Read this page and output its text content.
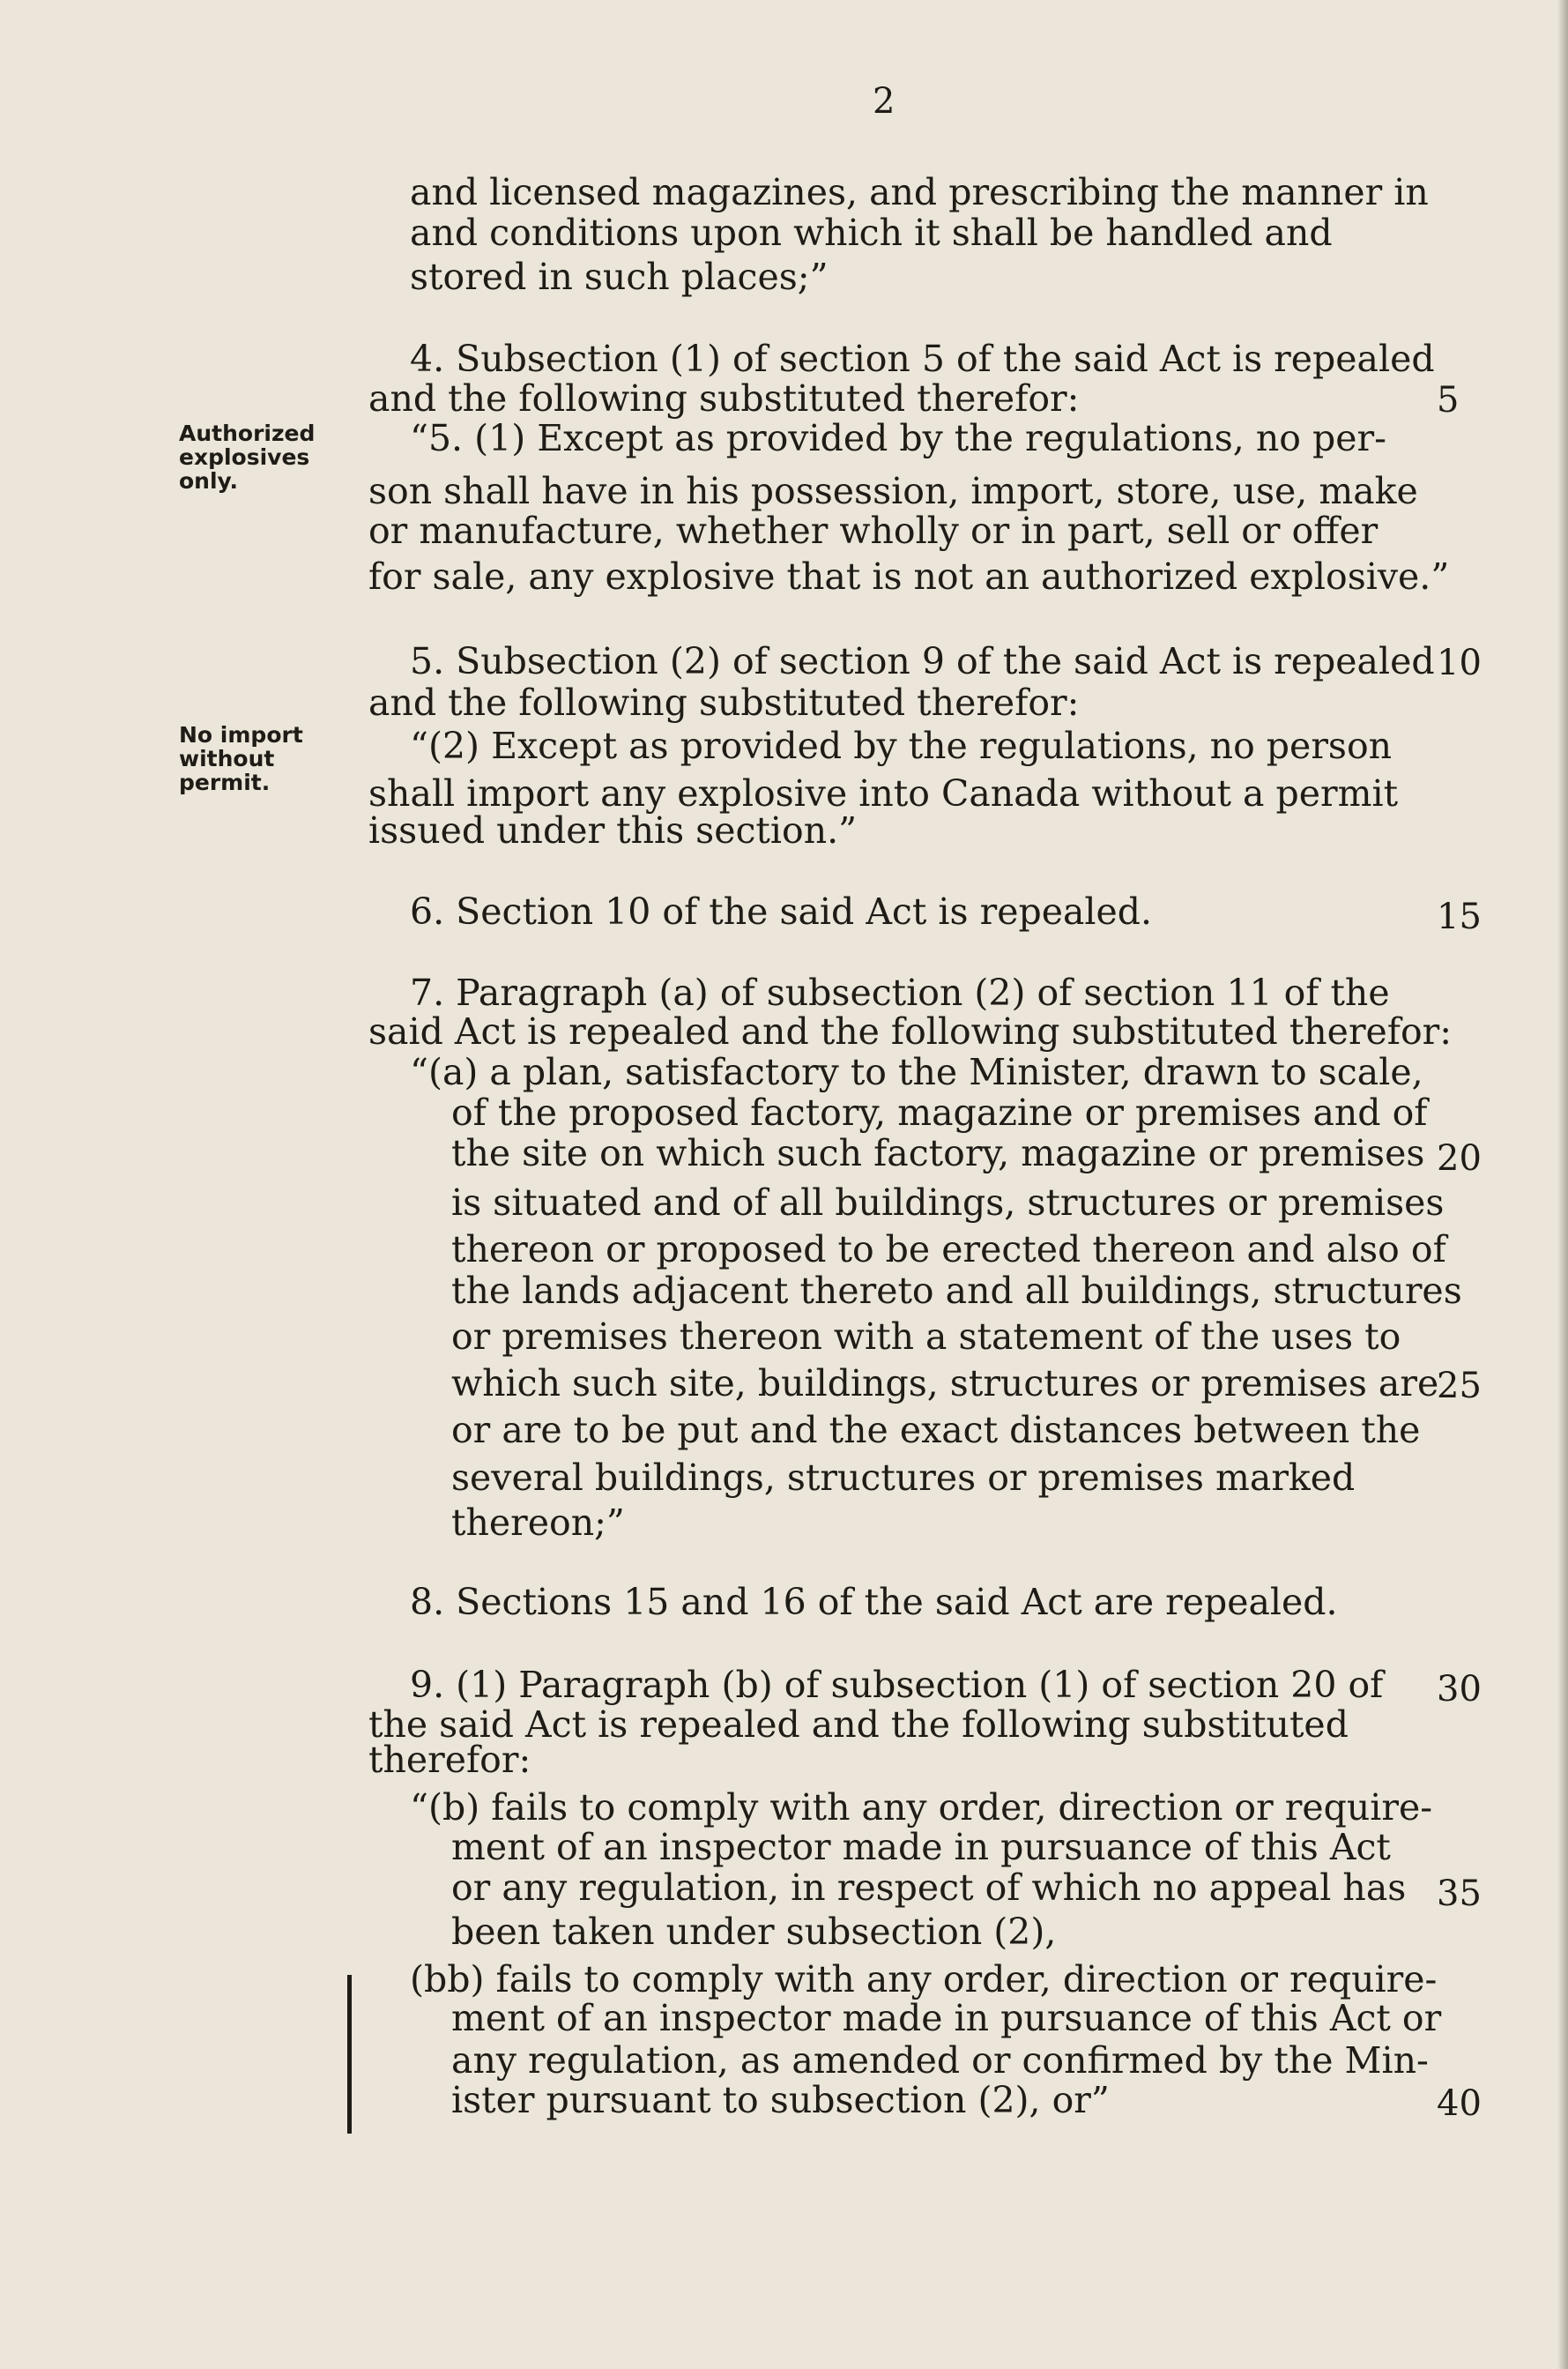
2
and licensed magazines, and prescribing the manner in
and conditions upon which it shall be handled and
stored in such places;”
4. Subsection (1) of section 5 of the said Act is repealed
and the following substituted therefor:
“5. (1) Except as provided by the regulations, no per-
son shall have in his possession, import, store, use, make
or manufacture, whether wholly or in part, sell or offer
for sale, any explosive that is not an authorized explosive.”
5. Subsection (2) of section 9 of the said Act is repealed
and the following substituted therefor:
“(2) Except as provided by the regulations, no person
shall import any explosive into Canada without a permit
issued under this section.”
6. Section 10 of the said Act is repealed.
7. Paragraph (a) of subsection (2) of section 11 of the
said Act is repealed and the following substituted therefor:
“(a) a plan, satisfactory to the Minister, drawn to scale,
of the proposed factory, magazine or premises and of
the site on which such factory, magazine or premises
is situated and of all buildings, structures or premises
thereon or proposed to be erected thereon and also of
the lands adjacent thereto and all buildings, structures
or premises thereon with a statement of the uses to
which such site, buildings, structures or premises are
or are to be put and the exact distances between the
several buildings, structures or premises marked
thereon;”
8. Sections 15 and 16 of the said Act are repealed.
9. (1) Paragraph (b) of subsection (1) of section 20 of
the said Act is repealed and the following substituted
therefor:
“(b) fails to comply with any order, direction or require-
ment of an inspector made in pursuance of this Act
or any regulation, in respect of which no appeal has
been taken under subsection (2),
(bb) fails to comply with any order, direction or require-
ment of an inspector made in pursuance of this Act or
any regulation, as amended or confirmed by the Min-
ister pursuant to subsection (2), or”
Authorized
explosives
only.
No import
without
permit.
5
10
15
20
25
30
35
40
